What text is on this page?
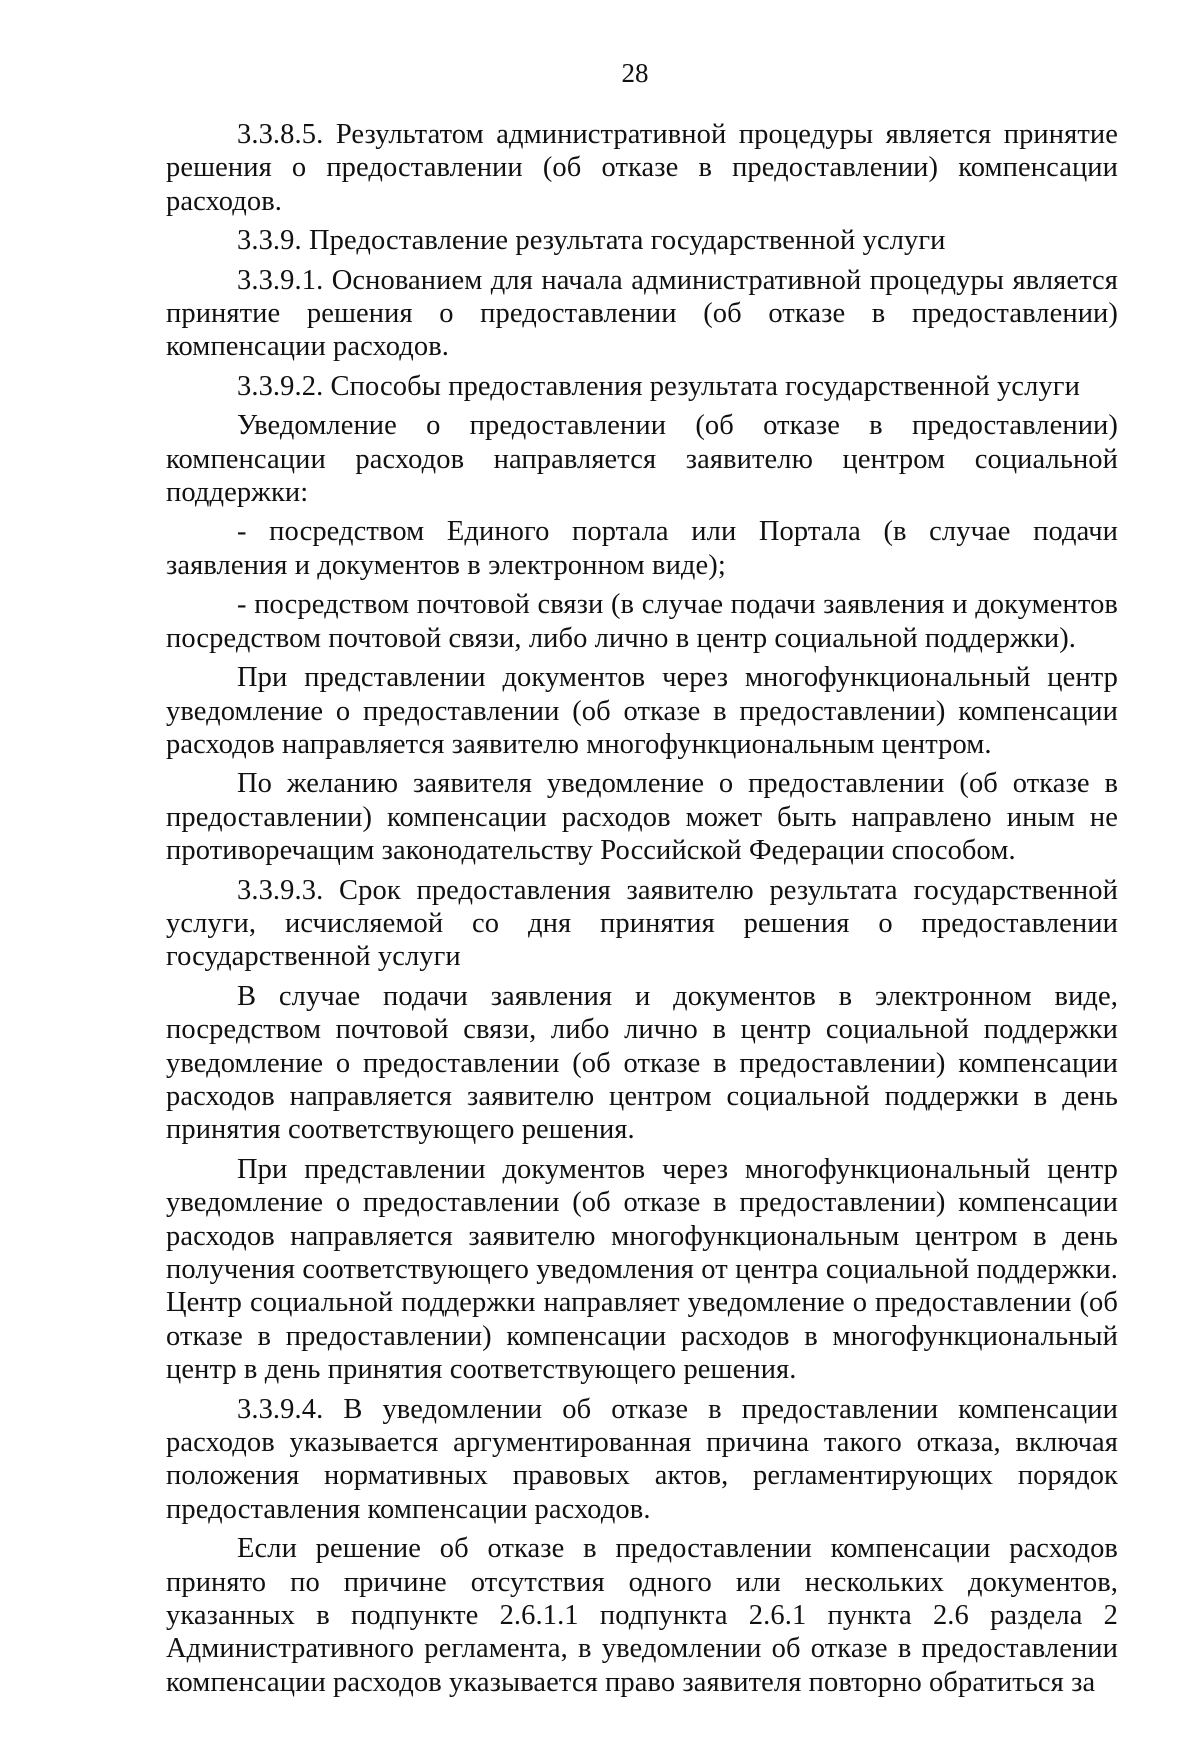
28

3.3.8.5. Результатом административной процедуры является принятие решения о предоставлении (об отказе в предоставлении) компенсации расходов.

3.3.9. Предоставление результата государственной услуги

3.3.9.1. Основанием для начала административной процедуры является принятие решения о предоставлении (об отказе в предоставлении) компенсации расходов.

3.3.9.2. Способы предоставления результата государственной услуги

Уведомление о предоставлении (об отказе в предоставлении) компенсации расходов направляется заявителю центром социальной поддержки:

- посредством Единого портала или Портала (в случае подачи заявления и документов в электронном виде);

- посредством почтовой связи (в случае подачи заявления и документов посредством почтовой связи, либо лично в центр социальной поддержки).

При представлении документов через многофункциональный центр уведомление о предоставлении (об отказе в предоставлении) компенсации расходов направляется заявителю многофункциональным центром.

По желанию заявителя уведомление о предоставлении (об отказе в предоставлении) компенсации расходов может быть направлено иным не противоречащим законодательству Российской Федерации способом.

3.3.9.3. Срок предоставления заявителю результата государственной услуги, исчисляемой со дня принятия решения о предоставлении государственной услуги

В случае подачи заявления и документов в электронном виде, посредством почтовой связи, либо лично в центр социальной поддержки уведомление о предоставлении (об отказе в предоставлении) компенсации расходов направляется заявителю центром социальной поддержки в день принятия соответствующего решения.

При представлении документов через многофункциональный центр уведомление о предоставлении (об отказе в предоставлении) компенсации расходов направляется заявителю многофункциональным центром в день получения соответствующего уведомления от центра социальной поддержки. Центр социальной поддержки направляет уведомление о предоставлении (об отказе в предоставлении) компенсации расходов в многофункциональный центр в день принятия соответствующего решения.

3.3.9.4. В уведомлении об отказе в предоставлении компенсации расходов указывается аргументированная причина такого отказа, включая положения нормативных правовых актов, регламентирующих порядок предоставления компенсации расходов.

Если решение об отказе в предоставлении компенсации расходов принято по причине отсутствия одного или нескольких документов, указанных в подпункте 2.6.1.1 подпункта 2.6.1 пункта 2.6 раздела 2 Административного регламента, в уведомлении об отказе в предоставлении компенсации расходов указывается право заявителя повторно обратиться за
